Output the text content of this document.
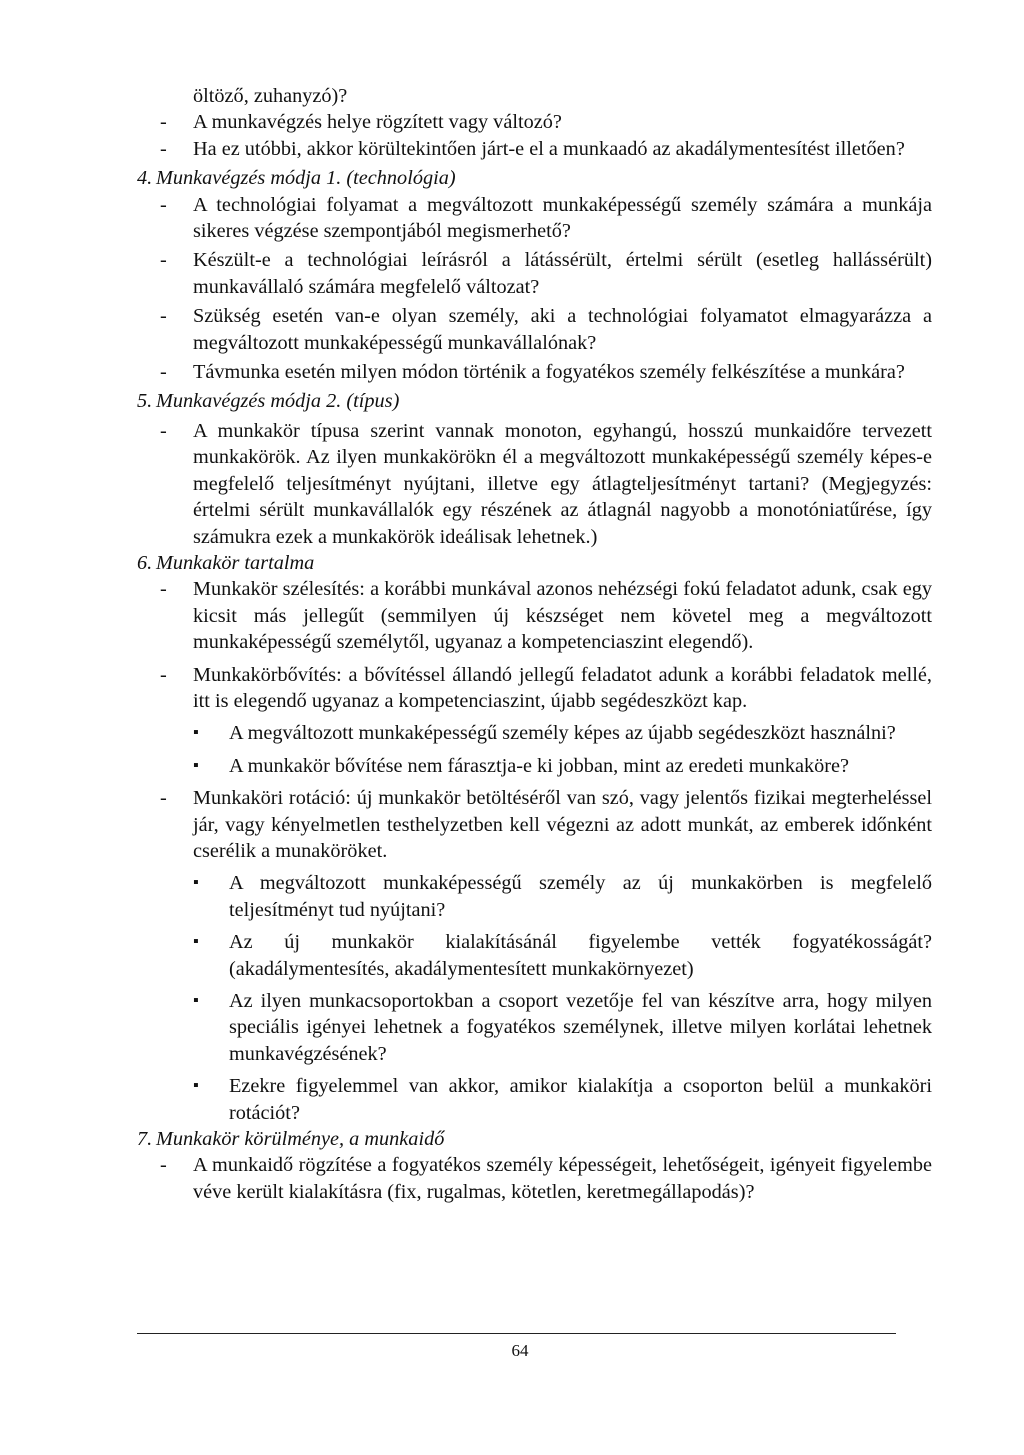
öltöző, zuhanyzó)?

- A munkavégzés helye rögzített vagy változó?
- Ha ez utóbbi, akkor körültekintően járt-e el a munkaadó az akadálymentesítést illetően?

4. Munkavégzés módja 1. (technológia)

- A technológiai folyamat a megváltozott munkaképességű személy számára a munkája sikeres végzése szempontjából megismerhető?
- Készült-e a technológiai leírásról a látássérült, értelmi sérült (esetleg hallássérült) munkavállaló számára megfelelő változat?
- Szükség esetén van-e olyan személy, aki a technológiai folyamatot elmagyarázza a megváltozott munkaképességű munkavállalónak?
- Távmunka esetén milyen módon történik a fogyatékos személy felkészítése a munkára?

5. Munkavégzés módja 2. (típus)

- A munkakör típusa szerint vannak monoton, egyhangú, hosszú munkaidőre tervezett munkakörök. Az ilyen munkakörökn él a megváltozott munkaképességű személy képes-e megfelelő teljesítményt nyújtani, illetve egy átlagteljesítményt tartani? (Megjegyzés: értelmi sérült munkavállalók egy részének az átlagnál nagyobb a monotóniatűrése, így számukra ezek a munkakörök ideálisak lehetnek.)

6. Munkakör tartalma

- Munkakör szélesítés: a korábbi munkával azonos nehézségi fokú feladatot adunk, csak egy kicsit más jellegűt (semmilyen új készséget nem követel meg a megváltozott munkaképességű személytől, ugyanaz a kompetenciaszint elegendő).
- Munkakörbővítés: a bővítéssel állandó jellegű feladatot adunk a korábbi feladatok mellé, itt is elegendő ugyanaz a kompetenciaszint, újabb segédeszközt kap.
▪ A megváltozott munkaképességű személy képes az újabb segédeszközt használni?
▪ A munkakör bővítése nem fárasztja-e ki jobban, mint az eredeti munkaköre?
- Munkaköri rotáció: új munkakör betöltéséről van szó, vagy jelentős fizikai megterheléssel jár, vagy kényelmetlen testhelyzetben kell végezni az adott munkát, az emberek időnként cserélik a munaköröket.
▪ A megváltozott munkaképességű személy az új munkakörben is megfelelő teljesítményt tud nyújtani?
▪ Az új munkakör kialakításánál figyelembe vették fogyatékosságát? (akadálymentesítés, akadálymentesített munkakörnyezet)
▪ Az ilyen munkacsoportokban a csoport vezetője fel van készítve arra, hogy milyen speciális igényei lehetnek a fogyatékos személynek, illetve milyen korlátai lehetnek munkavégzésének?
▪ Ezekre figyelemmel van akkor, amikor kialakítja a csoporton belül a munkaköri rotációt?

7. Munkakör körülménye, a munkaidő

- A munkaidő rögzítése a fogyatékos személy képességeit, lehetőségeit, igényeit figyelembe véve került kialakításra (fix, rugalmas, kötetlen, keretmegállapodás)?
64
